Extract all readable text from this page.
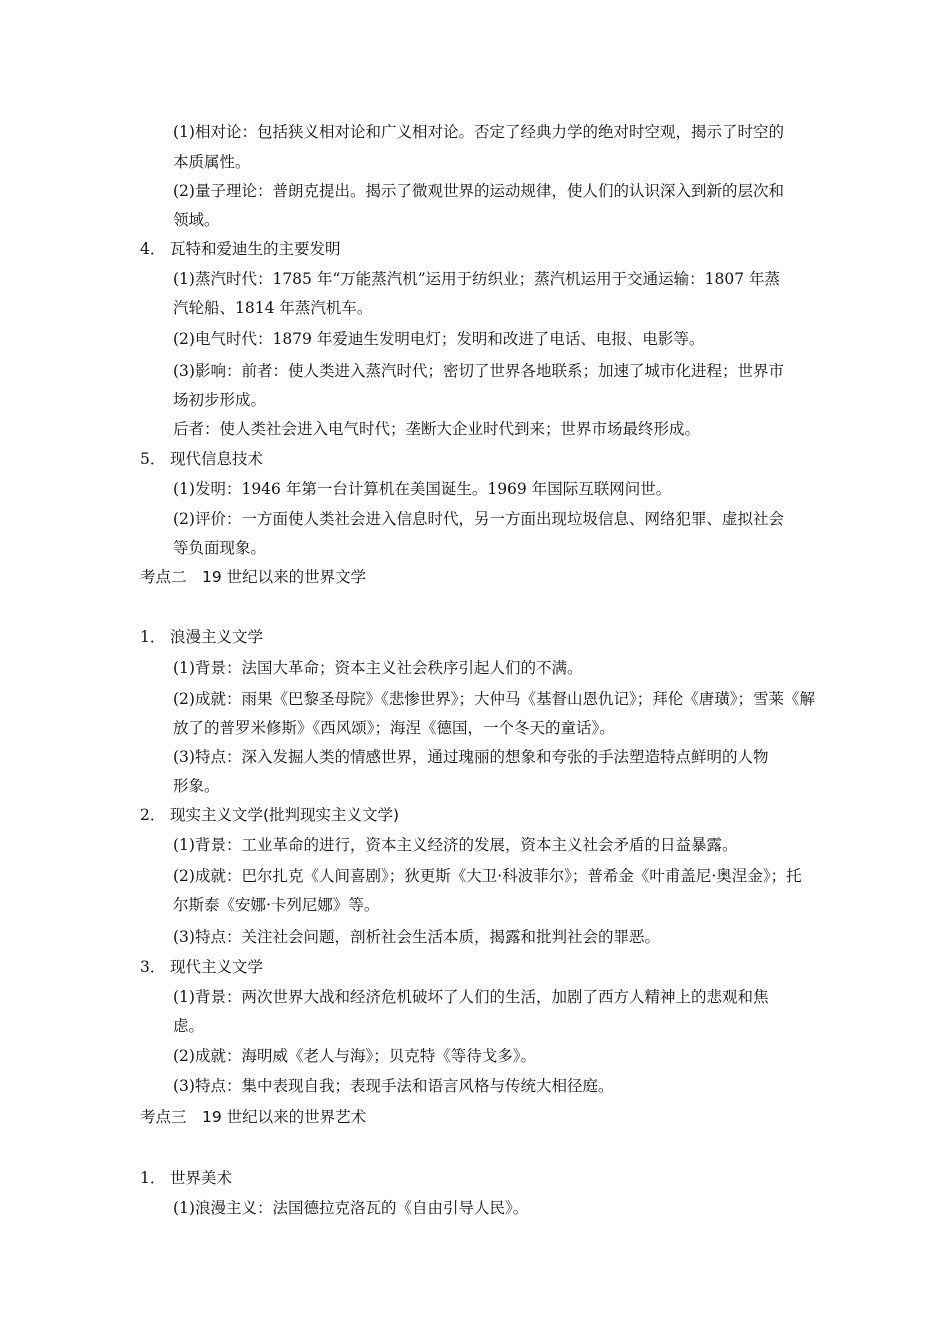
(1)相对论：包括狭义相对论和广义相对论。否定了经典力学的绝对时空观，揭示了时空的
本质属性。
(2)量子理论：普朗克提出。揭示了微观世界的运动规律，使人们的认识深入到新的层次和
领域。
4． 瓦特和爱迪生的主要发明
(1)蒸汽时代：1785 年“万能蒸汽机”运用于纺织业；蒸汽机运用于交通运输：1807 年蒸
汽轮船、1814 年蒸汽机车。
(2)电气时代：1879 年爱迪生发明电灯；发明和改进了电话、电报、电影等。
(3)影响：前者：使人类进入蒸汽时代；密切了世界各地联系；加速了城市化进程；世界市
场初步形成。
后者：使人类社会进入电气时代；垄断大企业时代到来；世界市场最终形成。
5． 现代信息技术
(1)发明：1946 年第一台计算机在美国诞生。1969 年国际互联网问世。
(2)评价：一方面使人类社会进入信息时代，另一方面出现垃圾信息、网络犯罪、虚拟社会
等负面现象。
考点二　19 世纪以来的世界文学
1． 浪漫主义文学
(1)背景：法国大革命；资本主义社会秩序引起人们的不满。
(2)成就：雨果《巴黎圣母院》《悲惨世界》；大仲马《基督山恩仇记》；拜伦《唐璜》；雪莱《解
放了的普罗米修斯》《西风颂》；海涅《德国，一个冬天的童话》。
(3)特点：深入发掘人类的情感世界，通过瑰丽的想象和夸张的手法塑造特点鲜明的人物
形象。
2． 现实主义文学(批判现实主义文学)
(1)背景：工业革命的进行，资本主义经济的发展，资本主义社会矛盾的日益暴露。
(2)成就：巴尔扎克《人间喜剧》；狄更斯《大卫·科波菲尔》；普希金《叶甫盖尼·奥涅金》；托
尔斯泰《安娜·卡列尼娜》等。
(3)特点：关注社会问题，剖析社会生活本质，揭露和批判社会的罪恶。
3． 现代主义文学
(1)背景：两次世界大战和经济危机破坏了人们的生活，加剧了西方人精神上的悲观和焦
虑。
(2)成就：海明威《老人与海》；贝克特《等待戈多》。
(3)特点：集中表现自我；表现手法和语言风格与传统大相径庭。
考点三　19 世纪以来的世界艺术
1． 世界美术
(1)浪漫主义：法国德拉克洛瓦的《自由引导人民》。
